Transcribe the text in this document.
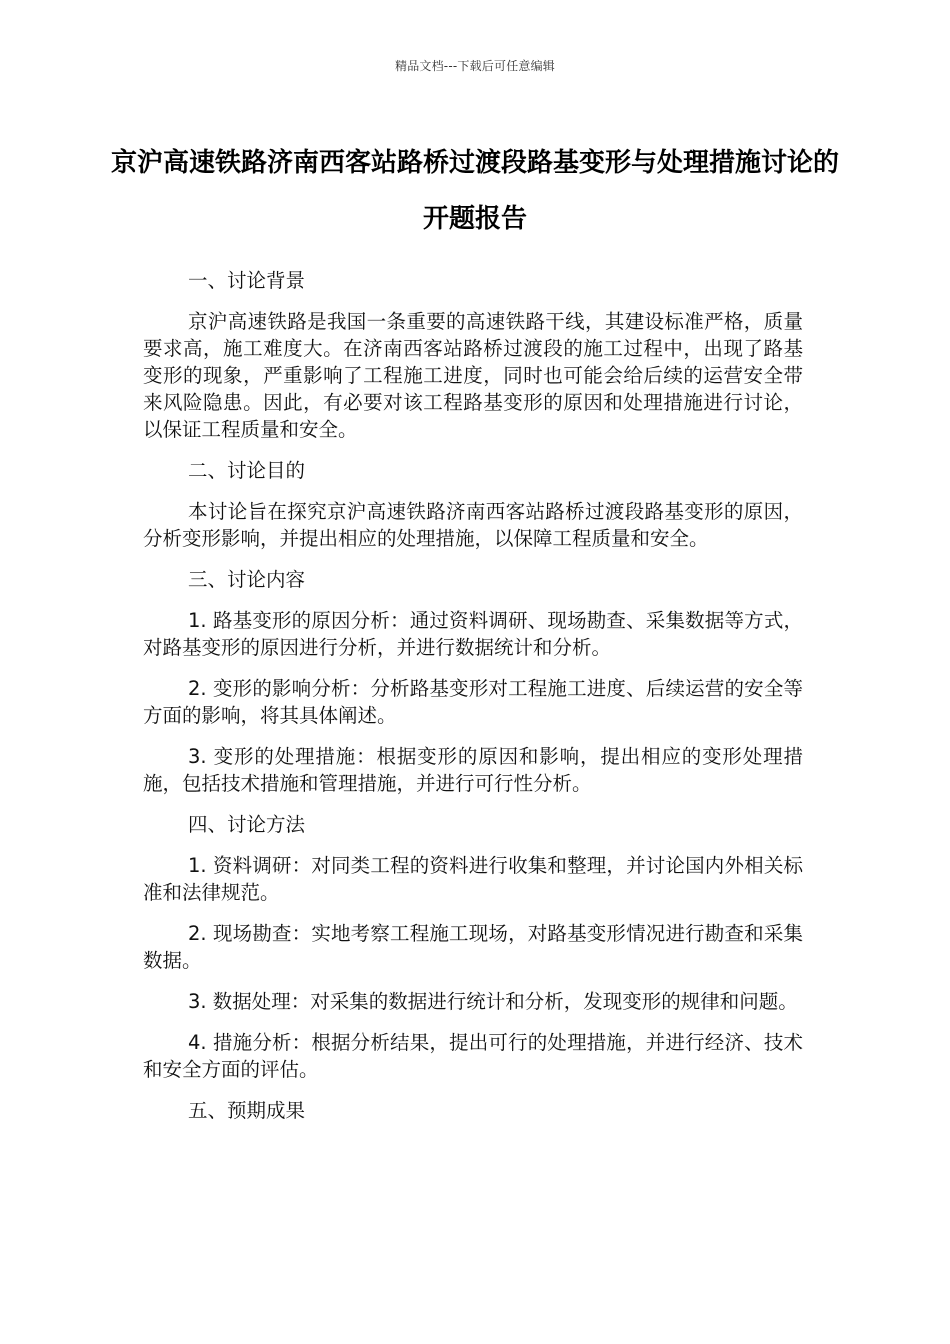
精品文档---下载后可任意编辑
京沪高速铁路济南西客站路桥过渡段路基变形与处理措施讨论的开题报告

一、讨论背景

京沪高速铁路是我国一条重要的高速铁路干线，其建设标准严格，质量要求高，施工难度大。在济南西客站路桥过渡段的施工过程中，出现了路基变形的现象，严重影响了工程施工进度，同时也可能会给后续的运营安全带来风险隐患。因此，有必要对该工程路基变形的原因和处理措施进行讨论，以保证工程质量和安全。

二、讨论目的

本讨论旨在探究京沪高速铁路济南西客站路桥过渡段路基变形的原因，分析变形影响，并提出相应的处理措施，以保障工程质量和安全。

三、讨论内容

1. 路基变形的原因分析：通过资料调研、现场勘查、采集数据等方式，对路基变形的原因进行分析，并进行数据统计和分析。

2. 变形的影响分析：分析路基变形对工程施工进度、后续运营的安全等方面的影响，将其具体阐述。

3. 变形的处理措施：根据变形的原因和影响，提出相应的变形处理措施，包括技术措施和管理措施，并进行可行性分析。

四、讨论方法

1. 资料调研：对同类工程的资料进行收集和整理，并讨论国内外相关标准和法律规范。

2. 现场勘查：实地考察工程施工现场，对路基变形情况进行勘查和采集数据。

3. 数据处理：对采集的数据进行统计和分析，发现变形的规律和问题。

4. 措施分析：根据分析结果，提出可行的处理措施，并进行经济、技术和安全方面的评估。

五、预期成果
